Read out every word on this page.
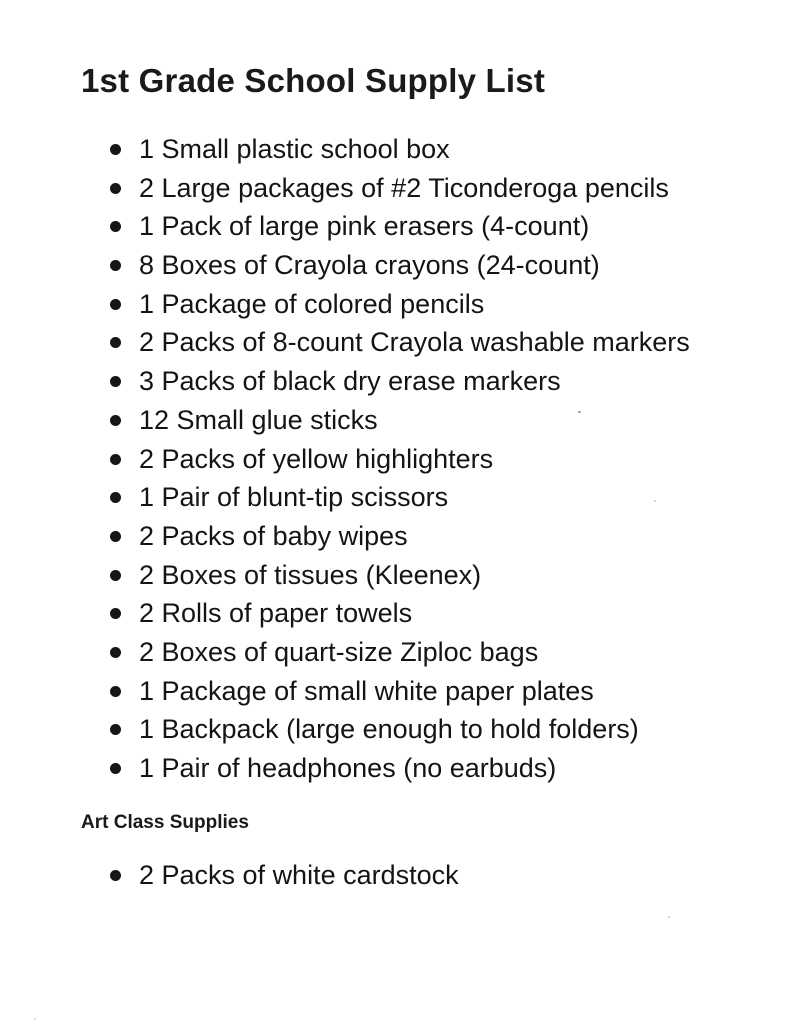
1st Grade School Supply List
1 Small plastic school box
2 Large packages of #2 Ticonderoga pencils
1 Pack of large pink erasers (4-count)
8 Boxes of Crayola crayons (24-count)
1 Package of colored pencils
2 Packs of 8-count Crayola washable markers
3 Packs of black dry erase markers
12 Small glue sticks
2 Packs of yellow highlighters
1 Pair of blunt-tip scissors
2 Packs of baby wipes
2 Boxes of tissues (Kleenex)
2 Rolls of paper towels
2 Boxes of quart-size Ziploc bags
1 Package of small white paper plates
1 Backpack (large enough to hold folders)
1 Pair of headphones (no earbuds)
Art Class Supplies
2 Packs of white cardstock
